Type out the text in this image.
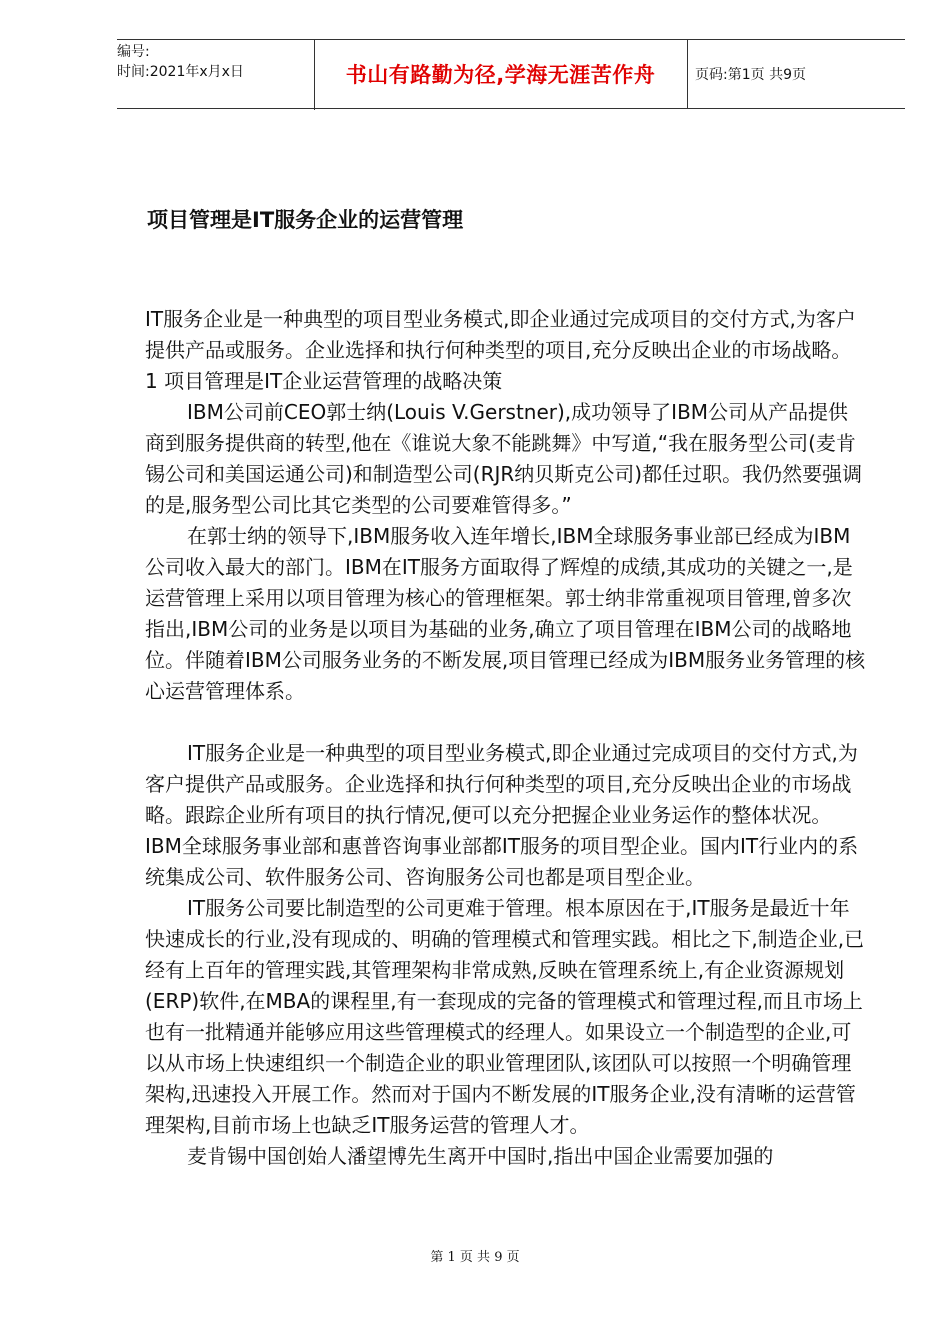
编号:
时间:2021年x月x日	书山有路勤为径,学海无涯苦作舟	页码:第1页 共9页
项目管理是IT服务企业的运营管理

IT服务企业是一种典型的项目型业务模式,即企业通过完成项目的交付方式,为客户提供产品或服务。企业选择和执行何种类型的项目,充分反映出企业的市场战略。

1 项目管理是IT企业运营管理的战略决策

IBM公司前CEO郭士纳(Louis V.Gerstner),成功领导了IBM公司从产品提供商到服务提供商的转型,他在《谁说大象不能跳舞》中写道,“我在服务型公司(麦肯锡公司和美国运通公司)和制造型公司(RJR纳贝斯克公司)都任过职。我仍然要强调的是,服务型公司比其它类型的公司要难管得多。”

在郭士纳的领导下,IBM服务收入连年增长,IBM全球服务事业部已经成为IBM公司收入最大的部门。IBM在IT服务方面取得了辉煌的成绩,其成功的关键之一,是运营管理上采用以项目管理为核心的管理框架。郭士纳非常重视项目管理,曾多次指出,IBM公司的业务是以项目为基础的业务,确立了项目管理在IBM公司的战略地位。伴随着IBM公司服务业务的不断发展,项目管理已经成为IBM服务业务管理的核心运营管理体系。

IT服务企业是一种典型的项目型业务模式,即企业通过完成项目的交付方式,为客户提供产品或服务。企业选择和执行何种类型的项目,充分反映出企业的市场战略。跟踪企业所有项目的执行情况,便可以充分把握企业业务运作的整体状况。IBM全球服务事业部和惠普咨询事业部都IT服务的项目型企业。国内IT行业内的系统集成公司、软件服务公司、咨询服务公司也都是项目型企业。

IT服务公司要比制造型的公司更难于管理。根本原因在于,IT服务是最近十年快速成长的行业,没有现成的、明确的管理模式和管理实践。相比之下,制造企业,已经有上百年的管理实践,其管理架构非常成熟,反映在管理系统上,有企业资源规划(ERP)软件,在MBA的课程里,有一套现成的完备的管理模式和管理过程,而且市场上也有一批精通并能够应用这些管理模式的经理人。如果设立一个制造型的企业,可以从市场上快速组织一个制造企业的职业管理团队,该团队可以按照一个明确管理架构,迅速投入开展工作。然而对于国内不断发展的IT服务企业,没有清晰的运营管理架构,目前市场上也缺乏IT服务运营的管理人才。

麦肯锡中国创始人潘望博先生离开中国时,指出中国企业需要加强的

第 1 页 共 9 页
